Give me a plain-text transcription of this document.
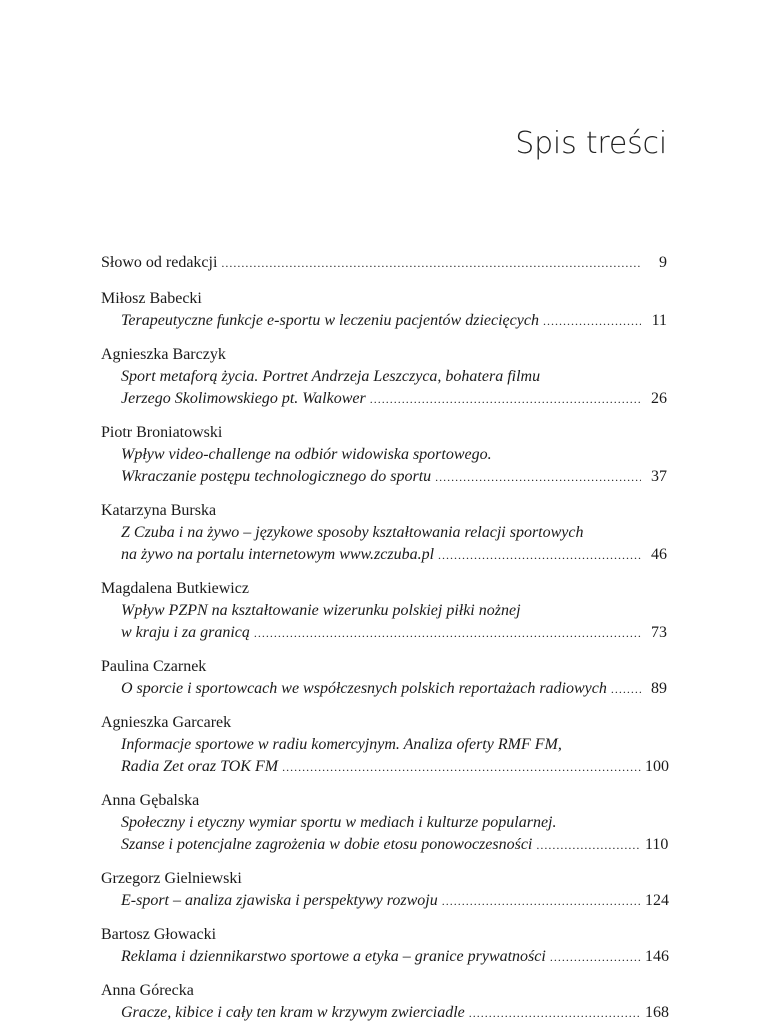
Spis treści
Słowo od redakcji .....	9
Miłosz Babecki
Terapeutyczne funkcje e-sportu w leczeniu pacjentów dziecięcych .....	11
Agnieszka Barczyk
Sport metaforą życia. Portret Andrzeja Leszczyca, bohatera filmu
Jerzego Skolimowskiego pt. Walkower .....	26
Piotr Broniatowski
Wpływ video-challenge na odbiór widowiska sportowego.
Wkraczanie postępu technologicznego do sportu .....	37
Katarzyna Burska
Z Czuba i na żywo – językowe sposoby kształtowania relacji sportowych
na żywo na portalu internetowym www.zczuba.pl .....	46
Magdalena Butkiewicz
Wpływ PZPN na kształtowanie wizerunku polskiej piłki nożnej
w kraju i za granicą .....	73
Paulina Czarnek
O sporcie i sportowcach we współczesnych polskich reportażach radiowych .....	89
Agnieszka Garcarek
Informacje sportowe w radiu komercyjnym. Analiza oferty RMF FM,
Radia Zet oraz TOK FM .....	100
Anna Gębalska
Społeczny i etyczny wymiar sportu w mediach i kulturze popularnej.
Szanse i potencjalne zagrożenia w dobie etosu ponowoczesności .....	110
Grzegorz Gielniewski
E-sport – analiza zjawiska i perspektywy rozwoju .....	124
Bartosz Głowacki
Reklama i dziennikarstwo sportowe a etyka – granice prywatności .....	146
Anna Górecka
Gracze, kibice i cały ten kram w krzywym zwierciadle .....	168
